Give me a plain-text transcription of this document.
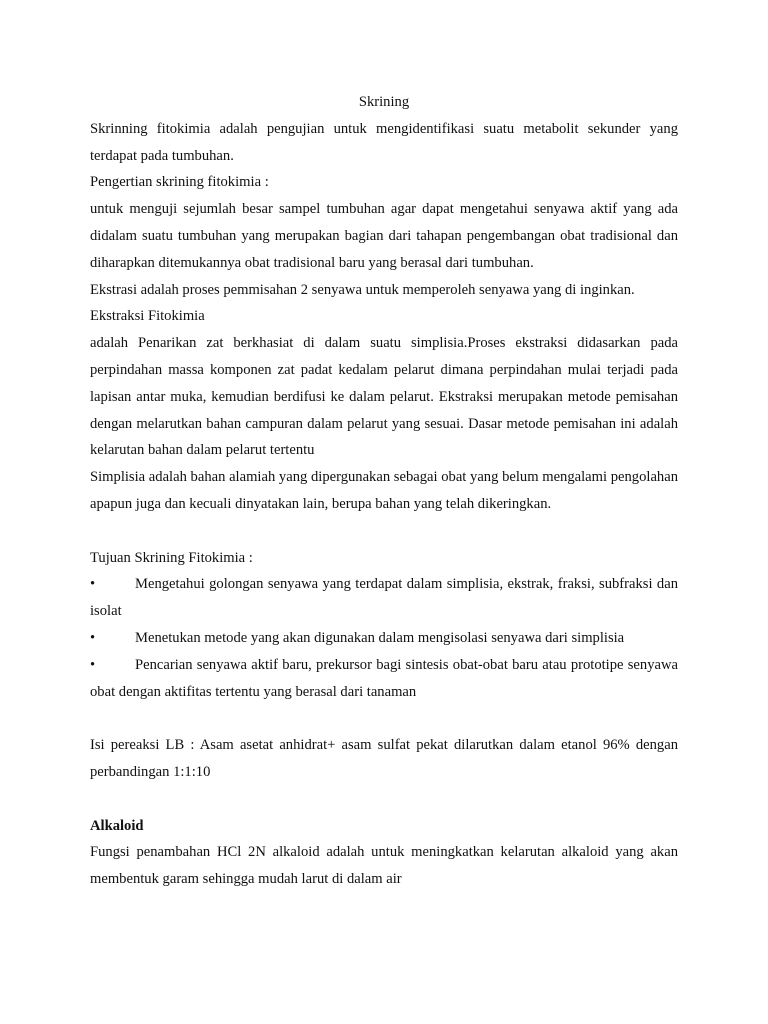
Skrining

Skrinning fitokimia adalah pengujian untuk mengidentifikasi suatu metabolit sekunder yang terdapat pada tumbuhan.

Pengertian skrining fitokimia :

untuk menguji sejumlah besar sampel tumbuhan agar dapat mengetahui senyawa aktif yang ada didalam suatu tumbuhan yang merupakan bagian dari tahapan pengembangan obat tradisional dan diharapkan ditemukannya obat tradisional baru yang berasal dari tumbuhan.

Ekstrasi adalah proses pemmisahan 2 senyawa untuk memperoleh senyawa yang di inginkan.

Ekstraksi Fitokimia

adalah Penarikan zat berkhasiat di dalam suatu simplisia.Proses ekstraksi didasarkan pada perpindahan massa komponen zat padat kedalam pelarut dimana perpindahan mulai terjadi pada lapisan antar muka, kemudian berdifusi ke dalam pelarut. Ekstraksi merupakan metode pemisahan dengan melarutkan bahan campuran dalam pelarut yang sesuai. Dasar metode pemisahan ini adalah kelarutan bahan dalam pelarut tertentu

Simplisia adalah bahan alamiah yang dipergunakan sebagai obat yang belum mengalami pengolahan apapun juga dan kecuali dinyatakan lain, berupa bahan yang telah dikeringkan.

Tujuan Skrining Fitokimia :

•	Mengetahui golongan senyawa yang terdapat dalam simplisia, ekstrak, fraksi, subfraksi dan isolat

•	Menetukan metode yang akan digunakan dalam mengisolasi senyawa dari simplisia

•	Pencarian senyawa aktif baru, prekursor bagi sintesis obat-obat baru atau prototipe senyawa obat dengan aktifitas tertentu yang berasal dari tanaman

Isi pereaksi LB : Asam asetat anhidrat+ asam sulfat pekat dilarutkan dalam etanol 96% dengan perbandingan 1:1:10

Alkaloid

Fungsi penambahan HCl 2N alkaloid adalah untuk meningkatkan kelarutan alkaloid yang akan membentuk garam sehingga mudah larut di dalam air
